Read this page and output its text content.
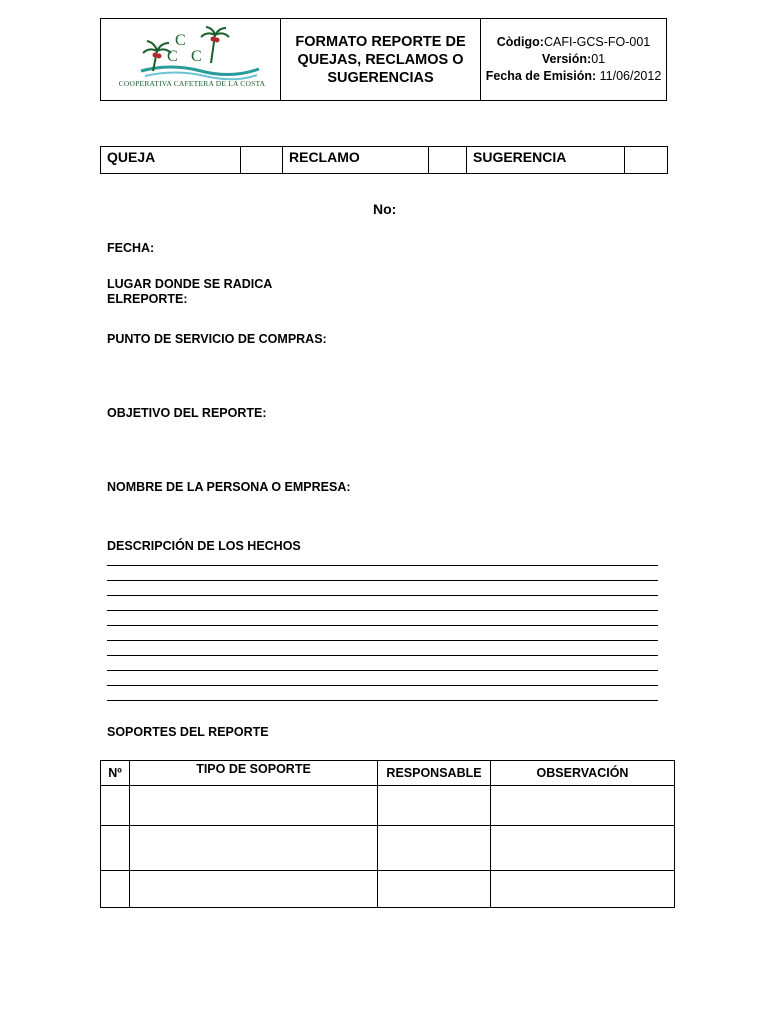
C
C C
COOPERATIVA CAFETERA DE LA COSTA
FORMATO REPORTE DE QUEJAS, RECLAMOS O SUGERENCIAS
Còdigo:CAFI-GCS-FO-001
Versión:01
Fecha de Emisión: 11/06/2012
QUEJA	RECLAMO	SUGERENCIA
No:
FECHA:
LUGAR DONDE SE RADICA
ELREPORTE:
PUNTO DE SERVICIO DE COMPRAS:
OBJETIVO DEL REPORTE:
NOMBRE DE LA PERSONA O EMPRESA:
DESCRIPCIÓN DE LOS HECHOS
SOPORTES DEL REPORTE
Nº	TIPO DE SOPORTE	RESPONSABLE	OBSERVACIÓN
